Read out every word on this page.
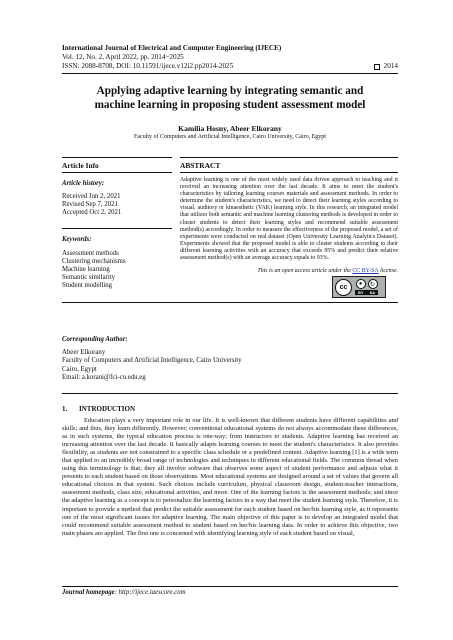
International Journal of Electrical and Computer Engineering (IJECE)
Vol. 12, No. 2, April 2022, pp. 2014~2025
ISSN: 2088-8708, DOI: 10.11591/ijece.v12i2.pp2014-2025	2014
Applying adaptive learning by integrating semantic and
machine learning in proposing student assessment model
Kamilia Hosny, Abeer Elkorany
Faculty of Computers and Artificial Intelligence, Cairo University, Cairo, Egypt
Article Info
Article history:
Received Jun 2, 2021
Revised Sep 7, 2021
Accepted Oct 2, 2021
Keywords:
Assessment methods
Clustering mechanisms
Machine learning
Semantic similarity
Student modelling
ABSTRACT
Adaptive learning is one of the most widely used data driven approach to teaching and it received an increasing attention over the last decade. It aims to meet the student's characteristics by tailoring learning courses materials and assessment methods. In order to determine the student's characteristics, we need to detect their learning styles according to visual, auditory or kinaesthetic (VAK) learning style. In this research, an integrated model that utilizes both semantic and machine learning clustering methods is developed in order to cluster students to detect their learning styles and recommend suitable assessment method(s) accordingly. In order to measure the effectiveness of the proposed model, a set of experiments were conducted on real dataset (Open University Learning Analytics Dataset). Experiments showed that the proposed model is able to cluster students according to their different learning activities with an accuracy that exceeds 95% and predict their relative assessment method(s) with an average accuracy equals to 93%.
This is an open access article under the CC BY-SA license.
cc	●	↻
BY SA
Corresponding Author:
Abeer Elkorany
Faculty of Computers and Artificial Intelligence, Cairo University
Cairo, Egypt
Email: a.korani@fci-cu.edu.eg
1. INTRODUCTION
Education plays a very important role in our life. It is well-known that different students have different capabilities and skills; and thus, they learn differently. However; conventional educational systems do not always accommodate these differences, as in such systems, the typical education process is one-way; from instructors to students. Adaptive learning has received an increasing attention over the last decade. It basically adapts learning courses to meet the student's characteristics. It also provides flexibility, as students are not constrained to a specific class schedule or a predefined content. Adaptive learning [1] is a wide term that applied to an incredibly broad range of technologies and techniques in different educational fields. The common thread when using this terminology is that; they all involve software that observes some aspect of student performance and adjusts what it presents to each student based on those observations. Most educational systems are designed around a set of values that govern all educational choices in that system. Such choices include curriculum, physical classroom design, student-teacher interactions, assessment methods, class size, educational activities, and more. One of the learning factors is the assessment methods; and since the adaptive learning as a concept is to personalize the learning factors in a way that meet the student learning style. Therefore, it is important to provide a method that predict the suitable assessment for each student based on her/his learning style, as it represents one of the most significant issues for adaptive learning. The main objective of this paper is to develop an integrated model that could recommend suitable assessment method to student based on her/his learning data. In order to achieve this objective, two main phases are applied. The first one is concerned with identifying learning style of each student based on visual,
Journal homepage: http://ijece.iaescore.com
